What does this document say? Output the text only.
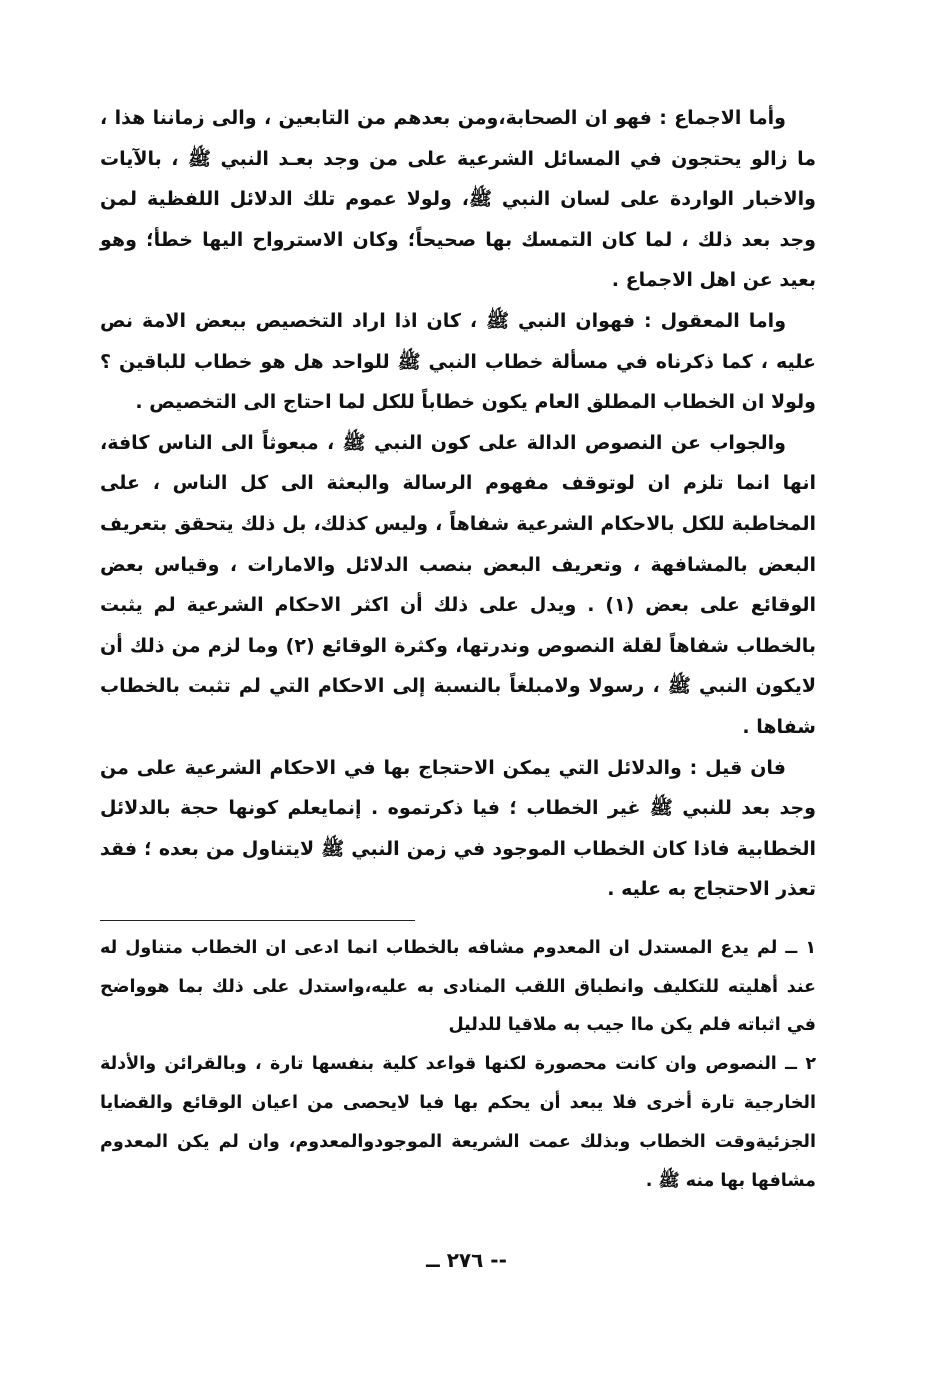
وأما الاجماع : فهو ان الصحابة،ومن بعدهم من التابعين ، والى زماننا هذا ، ما زالو يحتجون في المسائل الشرعية على من وجد بعـد النبي ﷺ ، بالآيات والاخبار الواردة على لسان النبي ﷺ، ولولا عموم تلك الدلائل اللفظية لمن وجد بعد ذلك ، لما كان التمسك بها صحيحاً؛ وكان الاسترواح اليها خطأ؛ وهو بعيد عن اهل الاجماع .

واما المعقول : فهوان النبي ﷺ ، كان اذا اراد التخصيص ببعض الامة نص عليه ، كما ذكرناه في مسألة خطاب النبي ﷺ للواحد هل هو خطاب للباقين ؟ ولولا ان الخطاب المطلق العام يكون خطاباً للكل لما احتاج الى التخصيص .

والجواب عن النصوص الدالة على كون النبي ﷺ ، مبعوثاً الى الناس كافة، انها انما تلزم ان لوتوقف مفهوم الرسالة والبعثة الى كل الناس ، على المخاطبة للكل بالاحكام الشرعية شفاهاً ، وليس كذلك، بل ذلك يتحقق بتعريف البعض بالمشافهة ، وتعريف البعض بنصب الدلائل والامارات ، وقياس بعض الوقائع على بعض (١) . ويدل على ذلك أن اكثر الاحكام الشرعية لم يثبت بالخطاب شفاهاً لقلة النصوص وندرتها، وكثرة الوقائع (٢) وما لزم من ذلك أن لايكون النبي ﷺ ، رسولا ولامبلغاً بالنسبة إلى الاحكام التي لم تثبت بالخطاب شفاها .

فان قيل : والدلائل التي يمكن الاحتجاج بها في الاحكام الشرعية على من وجد بعد للنبي ﷺ غير الخطاب ؛ فيا ذكرتموه . إنمايعلم كونها حجة بالدلائل الخطابية فاذا كان الخطاب الموجود في زمن النبي ﷺ لايتناول من بعده ؛ فقد تعذر الاحتجاج به عليه .

١ ــ لم يدع المستدل ان المعدوم مشافه بالخطاب انما ادعى ان الخطاب متناول له عند أهليته للتكليف وانطباق اللقب المنادى به عليه،واستدل على ذلك بما هوواضح في اثباته فلم يكن ماا جيب به ملاقيا للدليل

٢ ــ النصوص وان كانت محصورة لكنها قواعد كلية بنفسها تارة ، وبالقرائن والأدلة الخارجية تارة أخرى فلا يبعد أن يحكم بها فيا لايحصى من اعيان الوقائع والقضايا الجزئيةوقت الخطاب وبذلك عمت الشريعة الموجودوالمعدوم، وان لم يكن المعدوم مشافها بها منه ﷺ .

-- ٢٧٦ ــ
